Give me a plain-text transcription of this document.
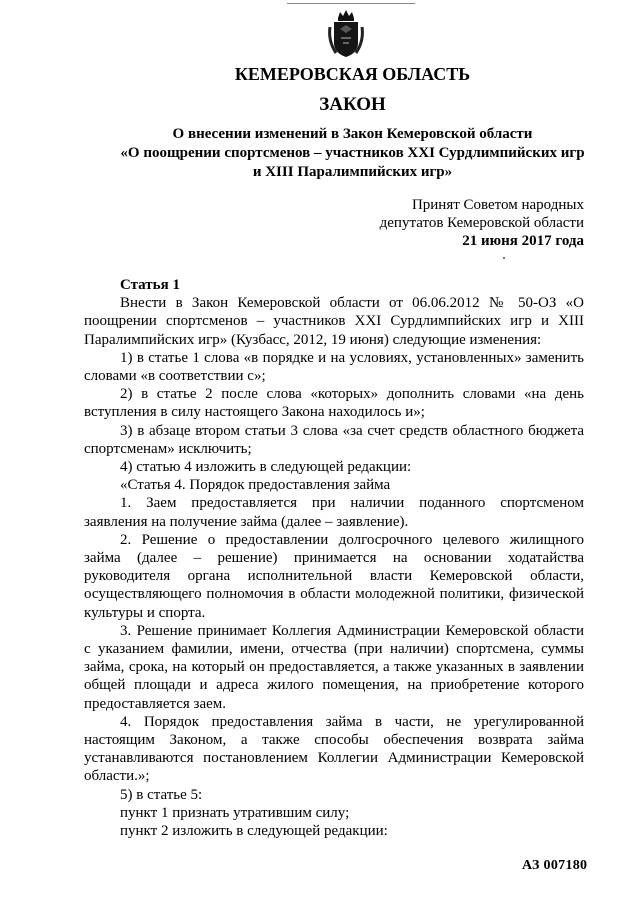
КЕМЕРОВСКАЯ ОБЛАСТЬ
ЗАКОН
О внесении изменений в Закон Кемеровской области
«О поощрении спортсменов – участников XXI Сурдлимпийских игр
и XIII Паралимпийских игр»
Принят Советом народных
депутатов Кемеровской области
21 июня 2017 года

Статья 1

Внести в Закон Кемеровской области от 06.06.2012 № 50-ОЗ «О поощрении спортсменов – участников XXI Сурдлимпийских игр и XIII Паралимпийских игр» (Кузбасс, 2012, 19 июня) следующие изменения:

1) в статье 1 слова «в порядке и на условиях, установленных» заменить словами «в соответствии с»;

2) в статье 2 после слова «которых» дополнить словами «на день вступления в силу настоящего Закона находилось и»;

3) в абзаце втором статьи 3 слова «за счет средств областного бюджета спортсменам» исключить;

4) статью 4 изложить в следующей редакции:

«Статья 4. Порядок предоставления займа

1. Заем предоставляется при наличии поданного спортсменом заявления на получение займа (далее – заявление).

2. Решение о предоставлении долгосрочного целевого жилищного займа (далее – решение) принимается на основании ходатайства руководителя органа исполнительной власти Кемеровской области, осуществляющего полномочия в области молодежной политики, физической культуры и спорта.

3. Решение принимает Коллегия Администрации Кемеровской области с указанием фамилии, имени, отчества (при наличии) спортсмена, суммы займа, срока, на который он предоставляется, а также указанных в заявлении общей площади и адреса жилого помещения, на приобретение которого предоставляется заем.

4. Порядок предоставления займа в части, не урегулированной настоящим Законом, а также способы обеспечения возврата займа устанавливаются постановлением Коллегии Администрации Кемеровской области.»;

5) в статье 5:

пункт 1 признать утратившим силу;

пункт 2 изложить в следующей редакции:

АЗ 007180
